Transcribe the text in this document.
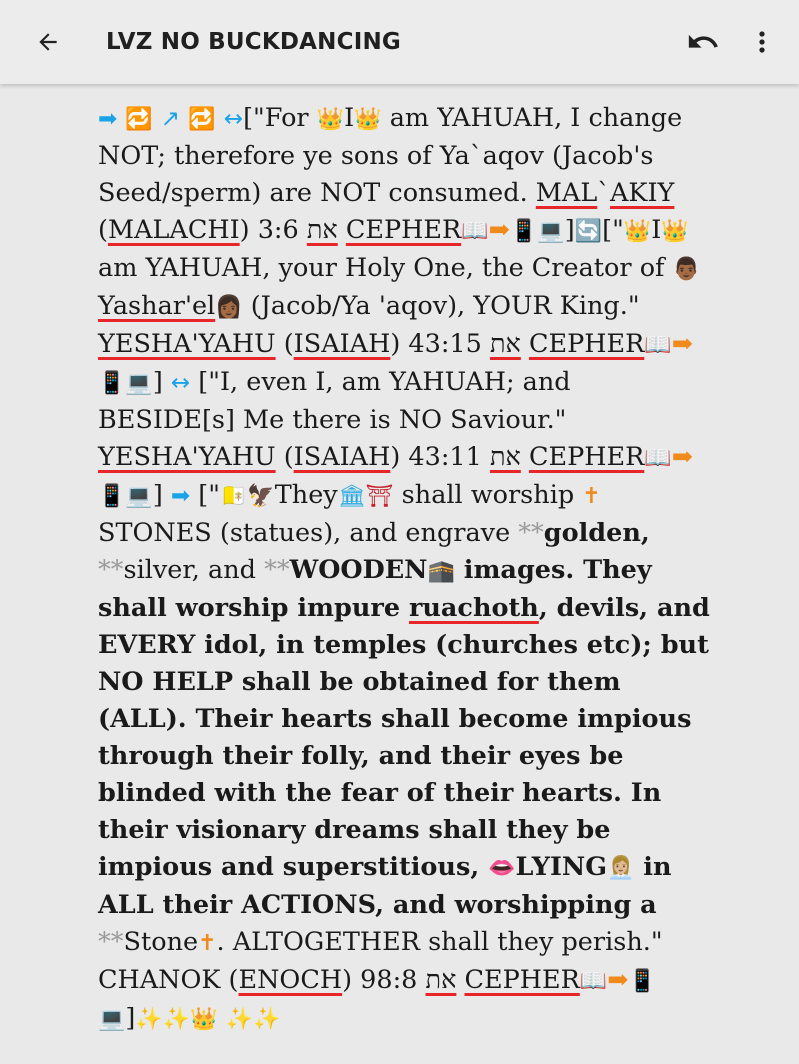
LVZ NO BUCKDANCING

➡ 🔁 ↗ 🔁 ↔["For 👑I👑 am YAHUAH, I change NOT; therefore ye sons of Ya`aqov (Jacob's Seed/sperm) are NOT consumed. MAL`AKIY (MALACHI) 3:6 את CEPHER📖➡📱💻]🔄["👑I👑 am YAHUAH, your Holy One, the Creator of 👨🏾Yashar'el👩🏾 (Jacob/Ya 'aqov), YOUR King." YESHA'YAHU (ISAIAH) 43:15 את CEPHER📖➡📱💻] ↔ ["I, even I, am YAHUAH; and BESIDE[s] Me there is NO Saviour." YESHA'YAHU (ISAIAH) 43:11 את CEPHER📖➡📱💻] ➡ ["🇻🇦🦅They🏛⛩ shall worship ✝ STONES (statues), and engrave **golden, **silver, and **WOODEN🕋 images. They shall worship impure ruachoth, devils, and EVERY idol, in temples (churches etc); but NO HELP shall be obtained for them (ALL). Their hearts shall become impious through their folly, and their eyes be blinded with the fear of their hearts. In their visionary dreams shall they be impious and superstitious, 👄LYING👩🏼‍💼 in ALL their ACTIONS, and worshipping a **Stone✝. ALTOGETHER shall they perish." CHANOK (ENOCH) 98:8 את CEPHER📖➡📱💻]✨✨👑 ✨✨
